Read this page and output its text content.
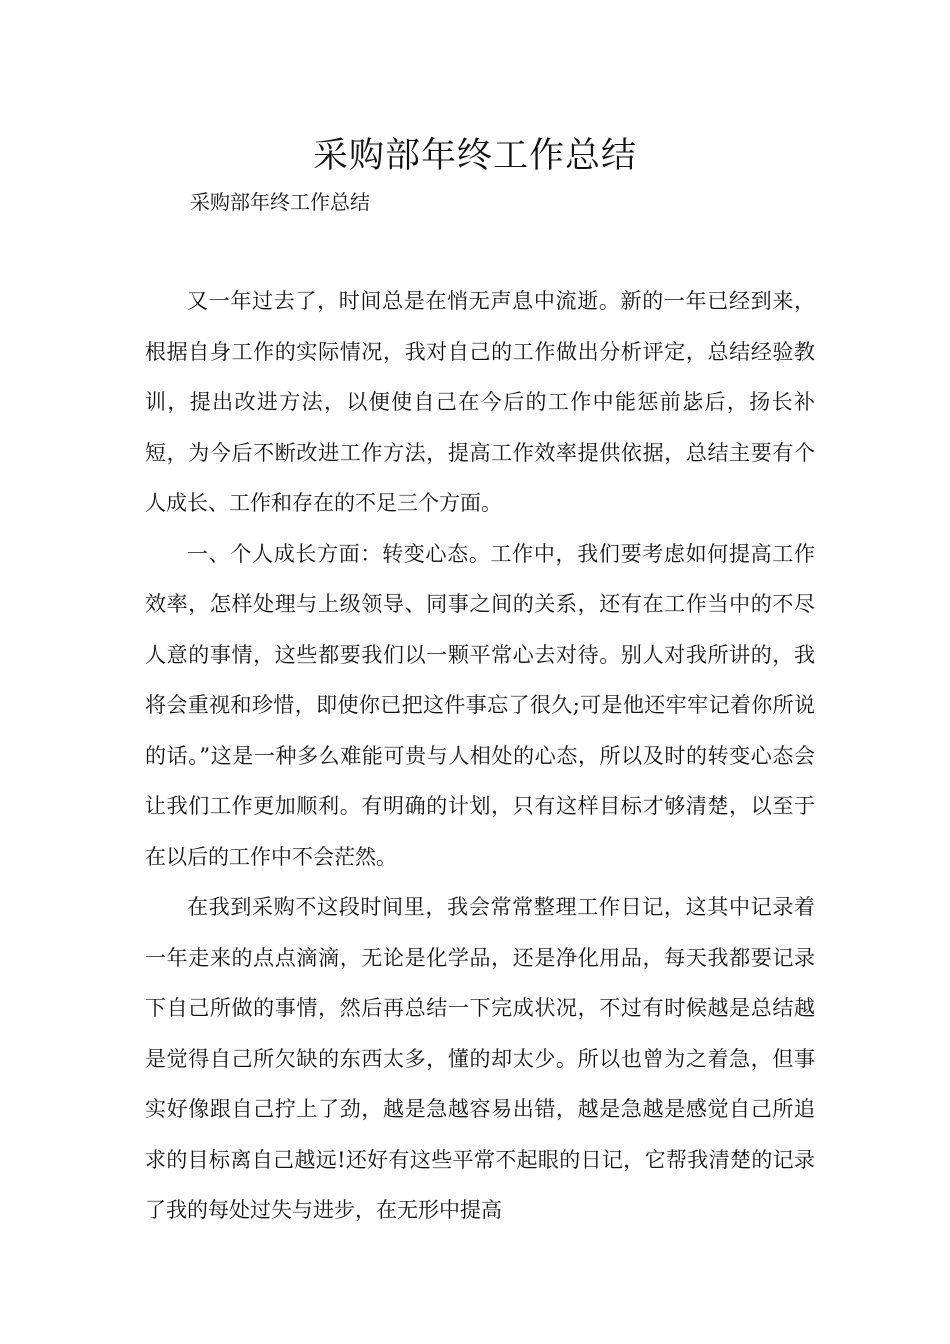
采购部年终工作总结

采购部年终工作总结

又一年过去了，时间总是在悄无声息中流逝。新的一年已经到来，根据自身工作的实际情况，我对自己的工作做出分析评定，总结经验教训，提出改进方法，以便使自己在今后的工作中能惩前毖后，扬长补短，为今后不断改进工作方法，提高工作效率提供依据，总结主要有个人成长、工作和存在的不足三个方面。

一、个人成长方面：转变心态。工作中，我们要考虑如何提高工作效率，怎样处理与上级领导、同事之间的关系，还有在工作当中的不尽人意的事情，这些都要我们以一颗平常心去对待。别人对我所讲的，我将会重视和珍惜，即使你已把这件事忘了很久;可是他还牢牢记着你所说的话。”这是一种多么难能可贵与人相处的心态，所以及时的转变心态会让我们工作更加顺利。有明确的计划，只有这样目标才够清楚，以至于在以后的工作中不会茫然。

在我到采购不这段时间里，我会常常整理工作日记，这其中记录着一年走来的点点滴滴，无论是化学品，还是净化用品，每天我都要记录下自己所做的事情，然后再总结一下完成状况，不过有时候越是总结越是觉得自己所欠缺的东西太多，懂的却太少。所以也曾为之着急，但事实好像跟自己拧上了劲，越是急越容易出错，越是急越是感觉自己所追求的目标离自己越远!还好有这些平常不起眼的日记，它帮我清楚的记录了我的每处过失与进步，在无形中提高
